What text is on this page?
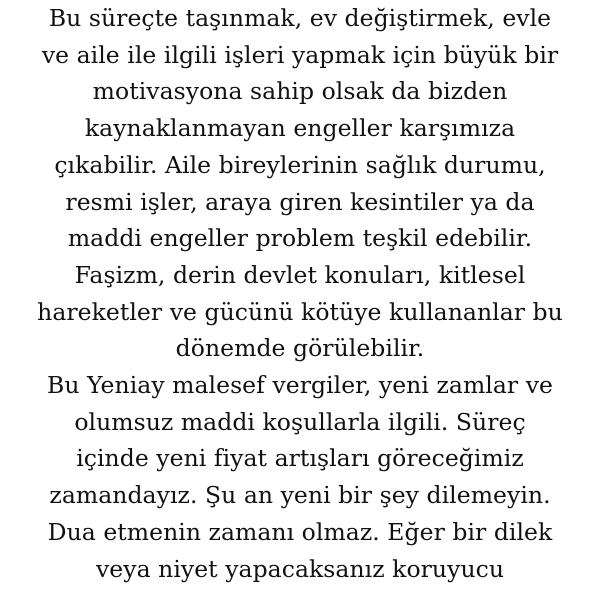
Bu süreçte taşınmak, ev değiştirmek, evle
ve aile ile ilgili işleri yapmak için büyük bir
motivasyona sahip olsak da bizden
kaynaklanmayan engeller karşımıza
çıkabilir. Aile bireylerinin sağlık durumu,
resmi işler, araya giren kesintiler ya da
maddi engeller problem teşkil edebilir.
Faşizm, derin devlet konuları, kitlesel
hareketler ve gücünü kötüye kullananlar bu
dönemde görülebilir.
Bu Yeniay malesef vergiler, yeni zamlar ve
olumsuz maddi koşullarla ilgili. Süreç
içinde yeni fiyat artışları göreceğimiz
zamandayız. Şu an yeni bir şey dilemeyin.
Dua etmenin zamanı olmaz. Eğer bir dilek
veya niyet yapacaksanız koruyucu
